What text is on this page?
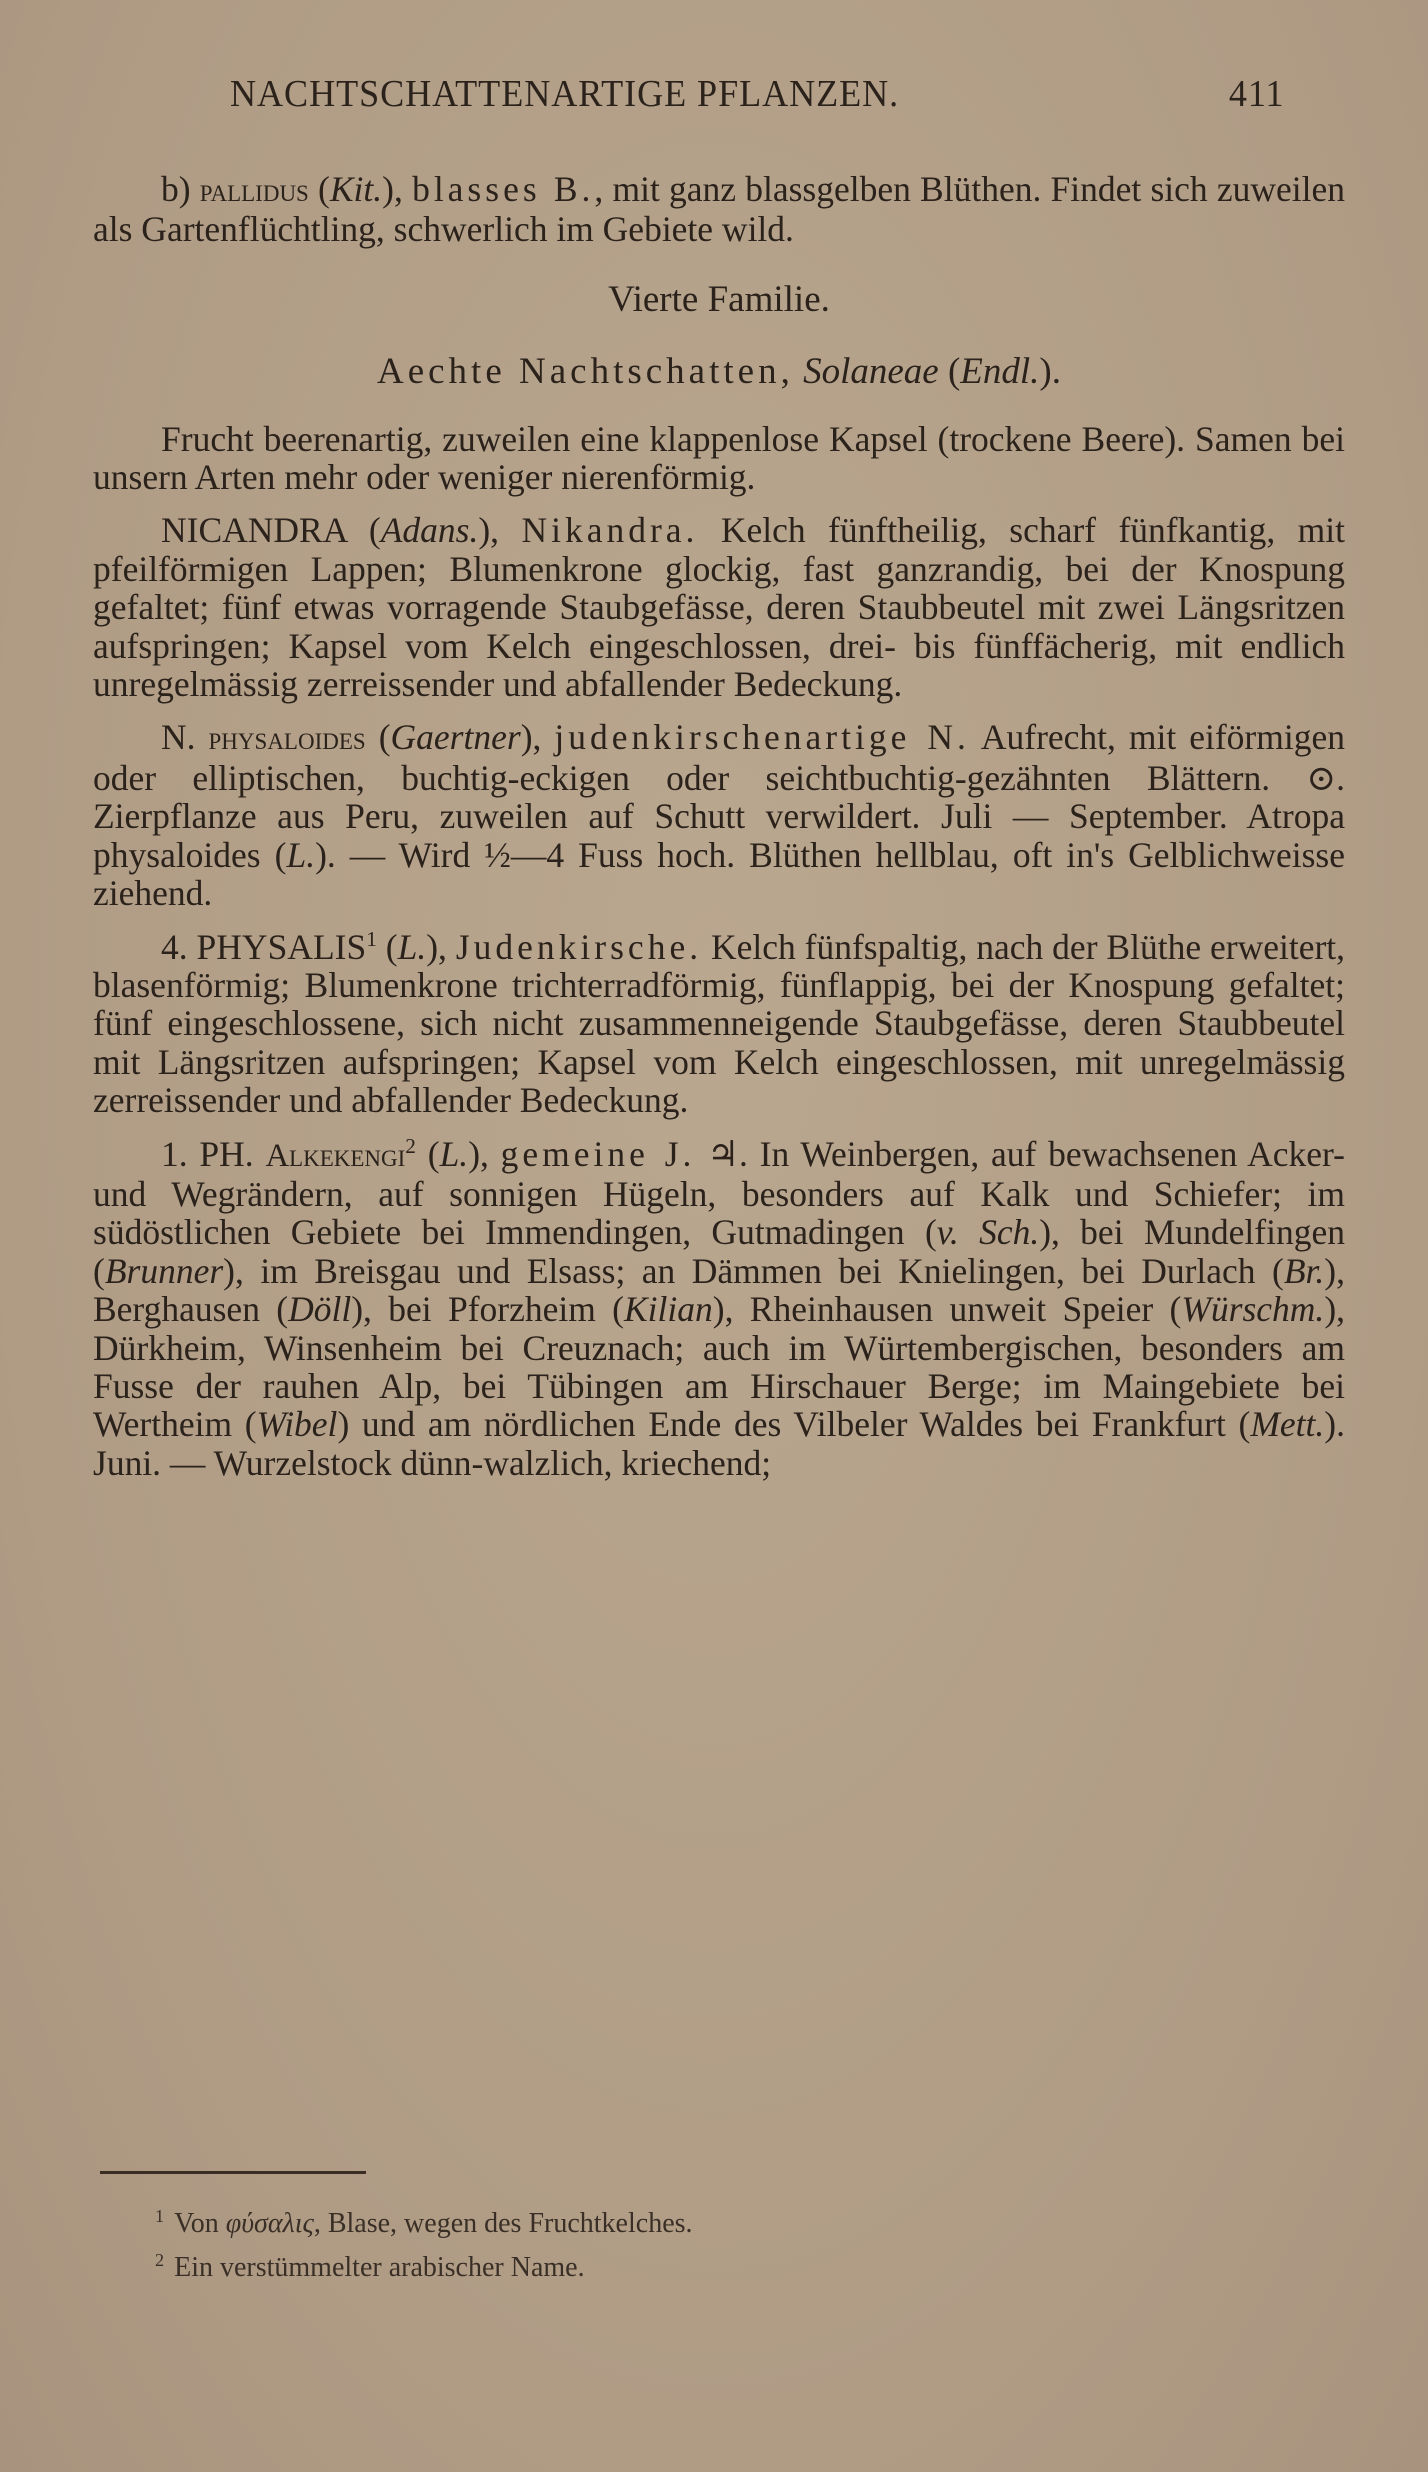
NACHTSCHATTENARTIGE PFLANZEN.	411

b) pallidus (Kit.), blasses B., mit ganz blassgelben Blüthen. Findet sich zuweilen als Gartenflüchtling, schwerlich im Gebiete wild.

Vierte Familie.

Aechte Nachtschatten, Solaneae (Endl.).

Frucht beerenartig, zuweilen eine klappenlose Kapsel (trockene Beere). Samen bei unsern Arten mehr oder weniger nierenförmig.

NICANDRA (Adans.), Nikandra. Kelch fünftheilig, scharf fünfkantig, mit pfeilförmigen Lappen; Blumenkrone glockig, fast ganzrandig, bei der Knospung gefaltet; fünf etwas vorragende Staubgefässe, deren Staubbeutel mit zwei Längsritzen aufspringen; Kapsel vom Kelch eingeschlossen, drei- bis fünffächerig, mit endlich unregelmässig zerreissender und abfallender Bedeckung.

N. physaloides (Gaertner), judenkirschenartige N. Aufrecht, mit eiförmigen oder elliptischen, buchtig-eckigen oder seichtbuchtig-gezähnten Blättern. ⊙. Zierpflanze aus Peru, zuweilen auf Schutt verwildert. Juli — September. Atropa physaloides (L.). — Wird ½—4 Fuss hoch. Blüthen hellblau, oft in's Gelblichweisse ziehend.

4. PHYSALIS$^1$ (L.), Judenkirsche. Kelch fünfspaltig, nach der Blüthe erweitert, blasenförmig; Blumenkrone trichterradförmig, fünflappig, bei der Knospung gefaltet; fünf eingeschlossene, sich nicht zusammenneigende Staubgefässe, deren Staubbeutel mit Längsritzen aufspringen; Kapsel vom Kelch eingeschlossen, mit unregelmässig zerreissender und abfallender Bedeckung.

1. PH. Alkekengi$^2$ (L.), gemeine J. ♃. In Weinbergen, auf bewachsenen Acker- und Wegrändern, auf sonnigen Hügeln, besonders auf Kalk und Schiefer; im südöstlichen Gebiete bei Immendingen, Gutmadingen (v. Sch.), bei Mundelfingen (Brunner), im Breisgau und Elsass; an Dämmen bei Knielingen, bei Durlach (Br.), Berghausen (Döll), bei Pforzheim (Kilian), Rheinhausen unweit Speier (Würschm.), Dürkheim, Winsenheim bei Creuznach; auch im Würtembergischen, besonders am Fusse der rauhen Alp, bei Tübingen am Hirschauer Berge; im Maingebiete bei Wertheim (Wibel) und am nördlichen Ende des Vilbeler Waldes bei Frankfurt (Mett.). Juni. — Wurzelstock dünn-walzlich, kriechend;

$^1$ Von φύσαλις, Blase, wegen des Fruchtkelches.
$^2$ Ein verstümmelter arabischer Name.
